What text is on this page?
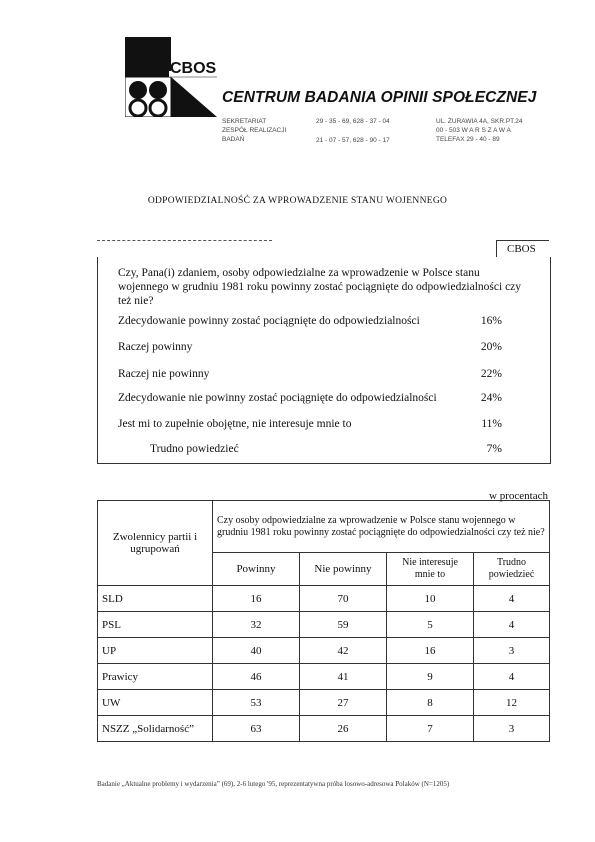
CBOS
CENTRUM BADANIA OPINII SPOŁECZNEJ
SEKRETARIAT
ZESPÓŁ REALIZACJI
BADAŃ
29 - 35 - 69, 628 - 37 - 04
21 - 07 - 57, 628 - 90 - 17
UL. ŻURAWIA 4A, SKR.PT.24
00 - 503 W A R S Z A W A
TELEFAX 29 - 40 - 89
ODPOWIEDZIALNOŚĆ ZA WPROWADZENIE STANU WOJENNEGO
CBOS
Czy, Pana(i) zdaniem, osoby odpowiedzialne za wprowadzenie w Polsce stanu wojennego w grudniu 1981 roku powinny zostać pociągnięte do odpowiedzialności czy też nie?
Zdecydowanie powinny zostać pociągnięte do odpowiedzialności	16%
Raczej powinny	20%
Raczej nie powinny	22%
Zdecydowanie nie powinny zostać pociągnięte do odpowiedzialności	24%
Jest mi to zupełnie obojętne, nie interesuje mnie to	11%
Trudno powiedzieć	7%
w procentach
Zwolennicy partii i ugrupowań	Czy osoby odpowiedzialne za wprowadzenie w Polsce stanu wojennego w grudniu 1981 roku powinny zostać pociągnięte do odpowiedzialności czy też nie?			
	Powinny	Nie powinny	Nie interesuje mnie to	Trudno powiedzieć
SLD	16	70	10	4
PSL	32	59	5	4
UP	40	42	16	3
Prawicy	46	41	9	4
UW	53	27	8	12
NSZZ „Solidarność”	63	26	7	3
Badanie „Aktualne problemy i wydarzenia” (69), 2-6 lutego '95, reprezentatywna próba losowo-adresowa Polaków (N=1205)
